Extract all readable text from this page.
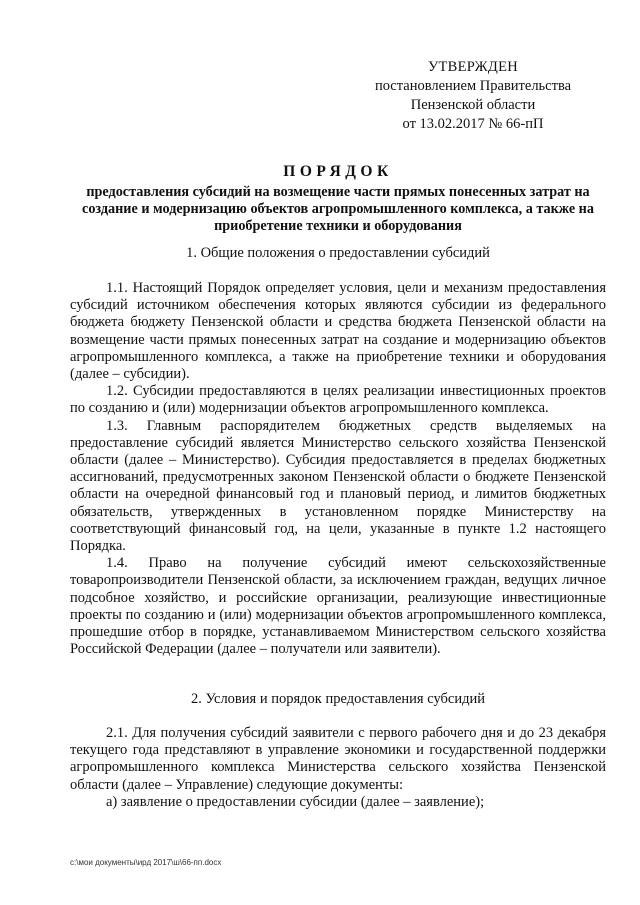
УТВЕРЖДЕН
постановлением Правительства
Пензенской области
от 13.02.2017 № 66-пП
ПОРЯДОК
предоставления субсидий на возмещение части прямых понесенных затрат на создание и модернизацию объектов агропромышленного комплекса, а также на приобретение техники и оборудования
1. Общие положения о предоставлении субсидий

1.1. Настоящий Порядок определяет условия, цели и механизм предоставления субсидий источником обеспечения которых являются субсидии из федерального бюджета бюджету Пензенской области и средства бюджета Пензенской области на возмещение части прямых понесенных затрат на создание и модернизацию объектов агропромышленного комплекса, а также на приобретение техники и оборудования (далее – субсидии).

1.2. Субсидии предоставляются в целях реализации инвестиционных проектов по созданию и (или) модернизации объектов агропромышленного комплекса.

1.3. Главным распорядителем бюджетных средств выделяемых на предоставление субсидий является Министерство сельского хозяйства Пензенской области (далее – Министерство). Субсидия предоставляется в пределах бюджетных ассигнований, предусмотренных законом Пензенской области о бюджете Пензенской области на очередной финансовый год и плановый период, и лимитов бюджетных обязательств, утвержденных в установленном порядке Министерству на соответствующий финансовый год, на цели, указанные в пункте 1.2 настоящего Порядка.

1.4. Право на получение субсидий имеют сельскохозяйственные товаропроизводители Пензенской области, за исключением граждан, ведущих личное подсобное хозяйство, и российские организации, реализующие инвестиционные проекты по созданию и (или) модернизации объектов агропромышленного комплекса, прошедшие отбор в порядке, устанавливаемом Министерством сельского хозяйства Российской Федерации (далее – получатели или заявители).

2. Условия и порядок предоставления субсидий

2.1. Для получения субсидий заявители с первого рабочего дня и до 23 декабря текущего года представляют в управление экономики и государственной поддержки агропромышленного комплекса Министерства сельского хозяйства Пензенской области (далее – Управление) следующие документы:

а) заявление о предоставлении субсидии (далее – заявление);

c:\мои документы\ирд 2017\ш\66-пп.docx
